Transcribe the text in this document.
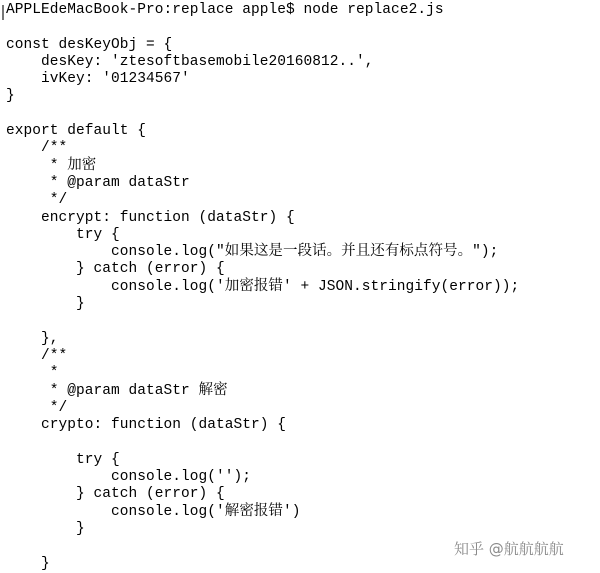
APPLEdeMacBook-Pro:replace apple$ node replace2.js
const desKeyObj = {
desKey: 'ztesoftbasemobile20160812..',
ivKey: '01234567'
}
export default {
/**
* 加密
* @param dataStr
*/
encrypt: function (dataStr) {
try {
console.log("如果这是一段话。并且还有标点符号。");
} catch (error) {
console.log('加密报错' + JSON.stringify(error));
}
},
/**
*
* @param dataStr 解密
*/
crypto: function (dataStr) {
try {
console.log('');
} catch (error) {
console.log('解密报错')
}
}
知乎 @航航航航
